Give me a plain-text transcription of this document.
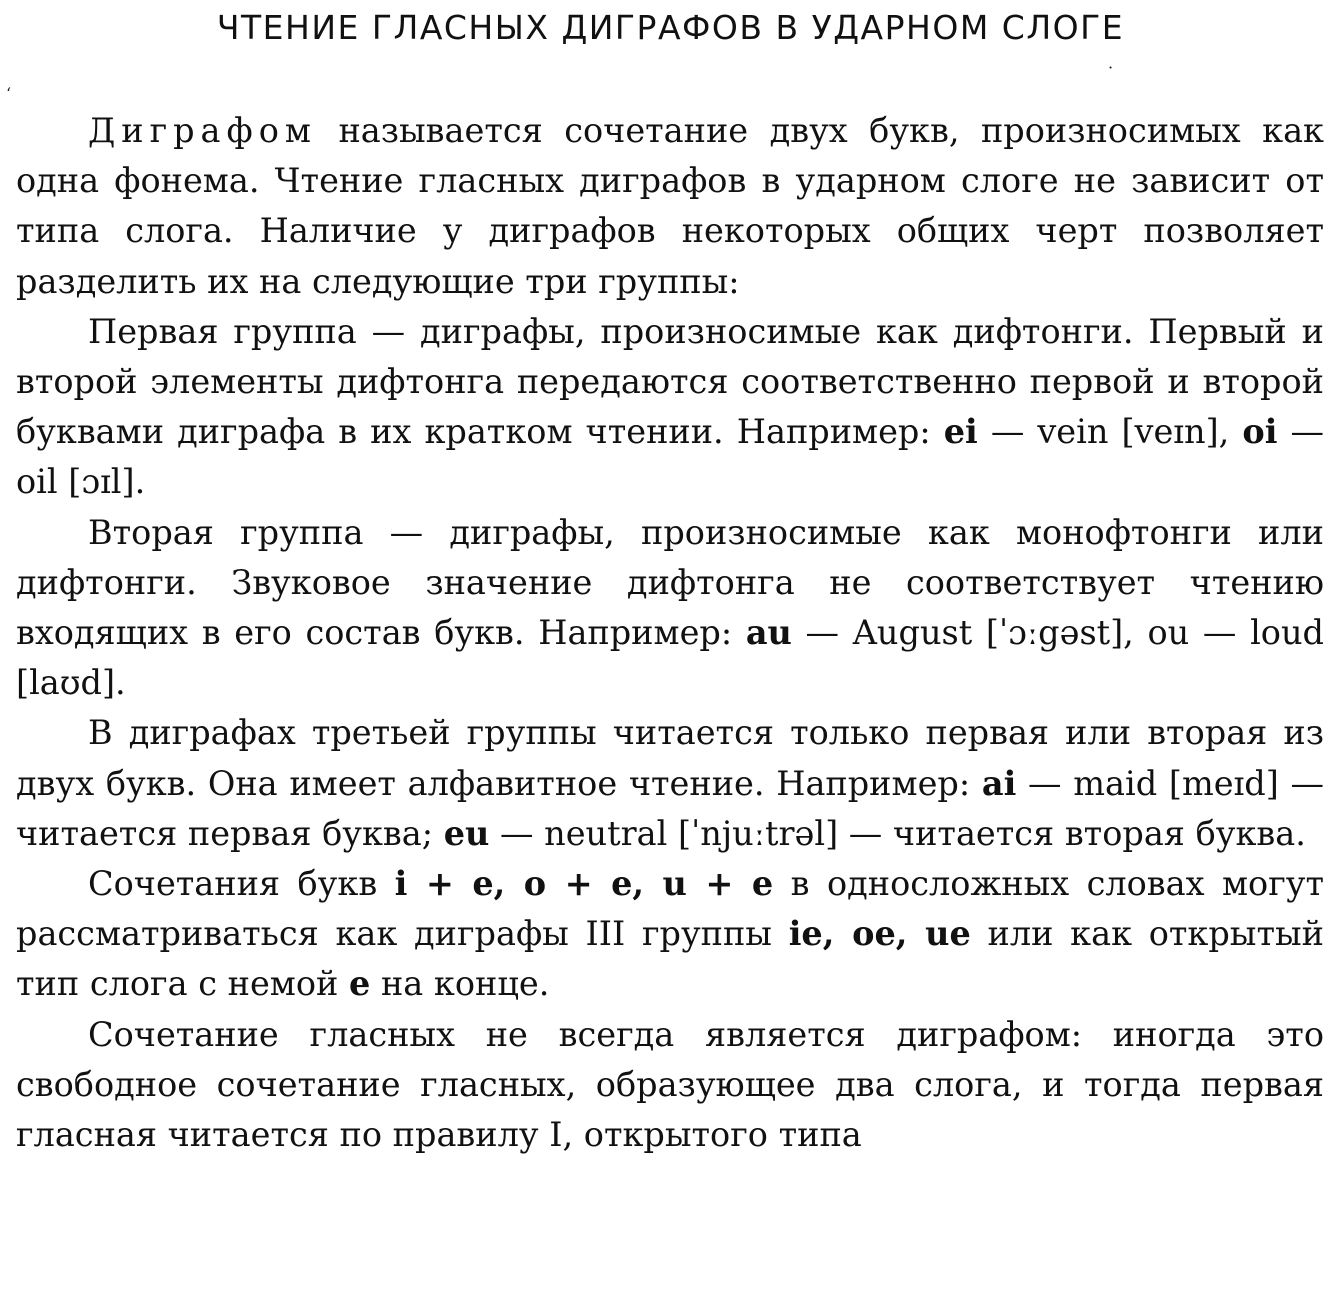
ЧТЕНИЕ ГЛАСНЫХ ДИГРАФОВ В УДАРНОМ СЛОГЕ
·
ʻ

Диграфом называется сочетание двух букв, произносимых как одна фонема. Чтение гласных диграфов в ударном слоге не зависит от типа слога. Наличие у диграфов некоторых общих черт позволяет разделить их на следующие три группы:

Первая группа — диграфы, произносимые как дифтонги. Первый и второй элементы дифтонга передаются соответственно первой и второй буквами диграфа в их кратком чтении. Например: ei — vein [veɪn], oi — oil [ɔɪl].

Вторая группа — диграфы, произносимые как монофтонги или дифтонги. Звуковое значение дифтонга не соответствует чтению входящих в его состав букв. Например: au — August [ˈɔːgəst], ou — loud [laʊd].

В диграфах третьей группы читается только первая или вторая из двух букв. Она имеет алфавитное чтение. Например: ai — maid [meɪd] — читается первая буква; eu — neutral [ˈnjuːtrəl] — читается вторая буква.

Сочетания букв i + e, o + e, u + e в односложных словах могут рассматриваться как диграфы III группы ie, oe, ue или как открытый тип слога с немой e на конце.

Сочетание гласных не всегда является диграфом: иногда это свободное сочетание гласных, образующее два слога, и тогда первая гласная читается по правилу I, открытого типа
